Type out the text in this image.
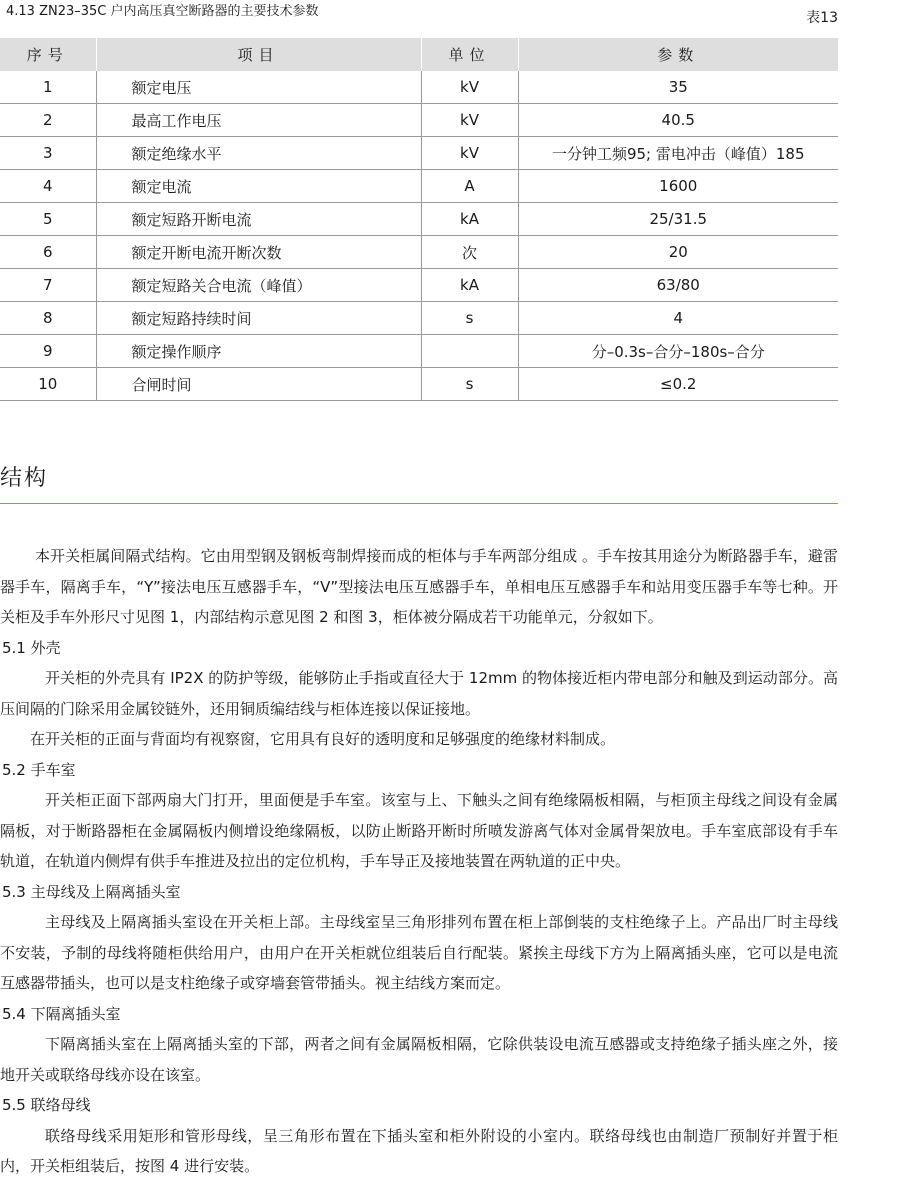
4.13 ZN23–35C 户内高压真空断路器的主要技术参数	表13
序号	项目	单位	参数
1	额定电压	kV	35
2	最高工作电压	kV	40.5
3	额定绝缘水平	kV	一分钟工频95; 雷电冲击（峰值）185
4	额定电流	A	1600
5	额定短路开断电流	kA	25/31.5
6	额定开断电流开断次数	次	20
7	额定短路关合电流（峰值）	kA	63/80
8	额定短路持续时间	s	4
9	额定操作顺序		分–0.3s–合分–180s–合分
10	合闸时间	s	≤0.2
结构

本开关柜属间隔式结构。它由用型钢及钢板弯制焊接而成的柜体与手车两部分组成 。手车按其用途分为断路器手车，避雷器手车，隔离手车，“Y”接法电压互感器手车，“V”型接法电压互感器手车，单相电压互感器手车和站用变压器手车等七种。开关柜及手车外形尺寸见图 1，内部结构示意见图 2 和图 3，柜体被分隔成若干功能单元，分叙如下。

5.1 外壳

开关柜的外壳具有 IP2X 的防护等级，能够防止手指或直径大于 12mm 的物体接近柜内带电部分和触及到运动部分。高压间隔的门除采用金属铰链外，还用铜质编结线与柜体连接以保证接地。

在开关柜的正面与背面均有视察窗，它用具有良好的透明度和足够强度的绝缘材料制成。

5.2 手车室

开关柜正面下部两扇大门打开，里面便是手车室。该室与上、下触头之间有绝缘隔板相隔，与柜顶主母线之间设有金属隔板，对于断路器柜在金属隔板内侧增设绝缘隔板，以防止断路开断时所喷发游离气体对金属骨架放电。手车室底部设有手车轨道，在轨道内侧焊有供手车推进及拉出的定位机构，手车导正及接地装置在两轨道的正中央。

5.3 主母线及上隔离插头室

主母线及上隔离插头室设在开关柜上部。主母线室呈三角形排列布置在柜上部倒装的支柱绝缘子上。产品出厂时主母线不安装，予制的母线将随柜供给用户，由用户在开关柜就位组装后自行配装。紧挨主母线下方为上隔离插头座，它可以是电流互感器带插头，也可以是支柱绝缘子或穿墙套管带插头。视主结线方案而定。

5.4 下隔离插头室

下隔离插头室在上隔离插头室的下部，两者之间有金属隔板相隔，它除供装设电流互感器或支持绝缘子插头座之外，接地开关或联络母线亦设在该室。

5.5 联络母线

联络母线采用矩形和管形母线，呈三角形布置在下插头室和柜外附设的小室内。联络母线也由制造厂预制好并置于柜内，开关柜组装后，按图 4 进行安装。
